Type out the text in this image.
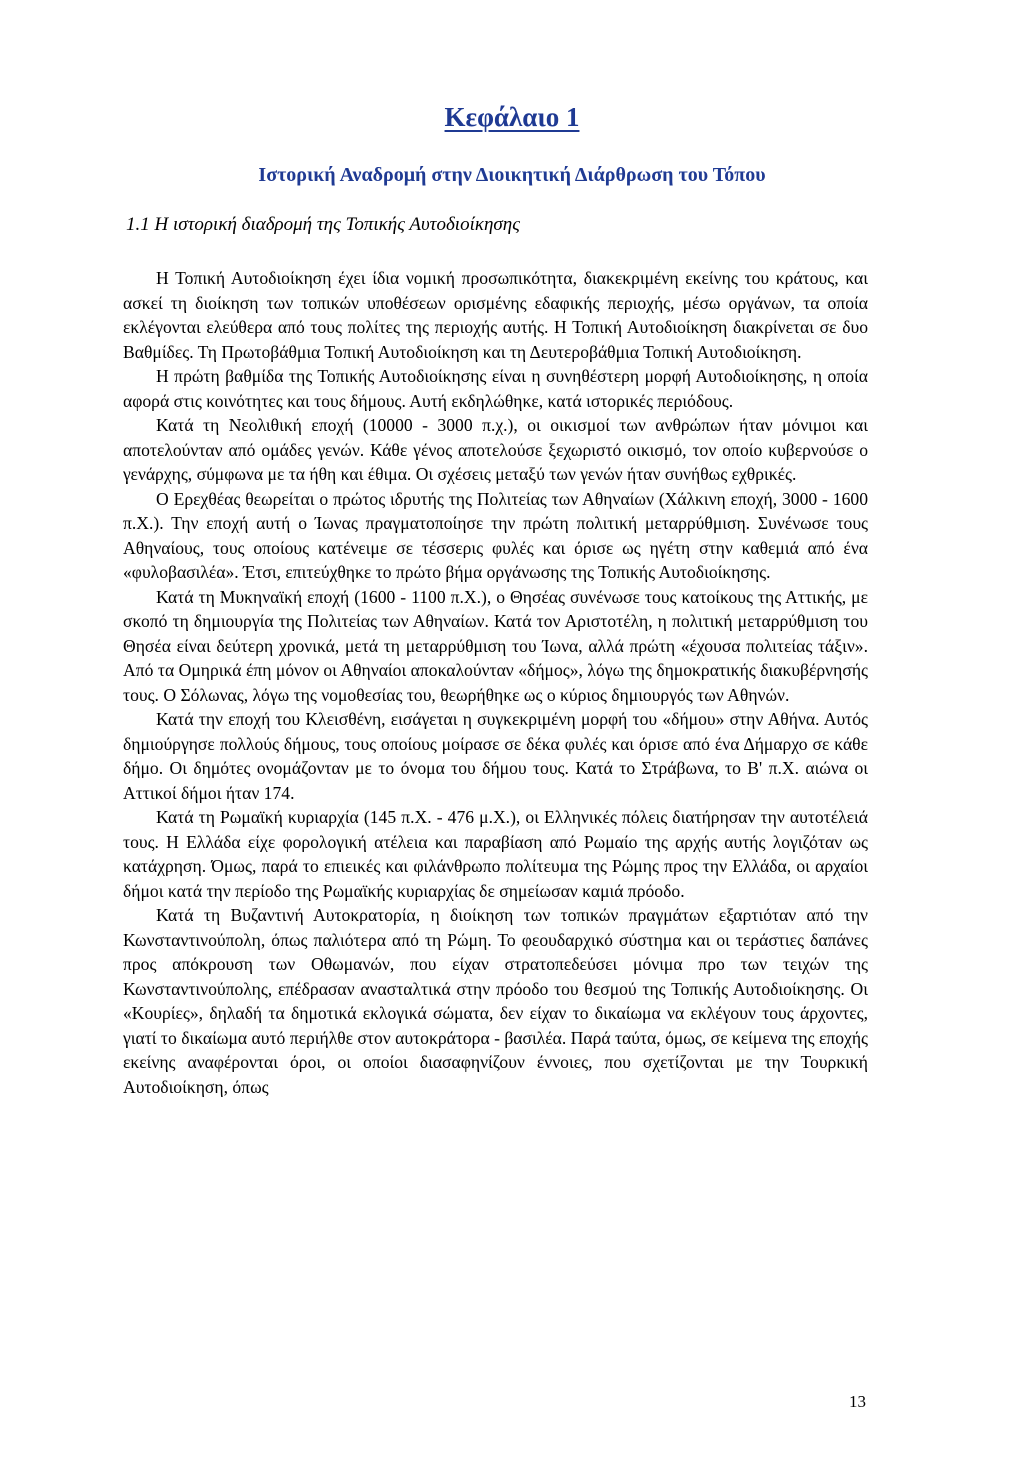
Κεφάλαιο 1
Ιστορική Αναδρομή στην Διοικητική Διάρθρωση του Τόπου
1.1 Η ιστορική διαδρομή της Τοπικής Αυτοδιοίκησης

Η Τοπική Αυτοδιοίκηση έχει ίδια νομική προσωπικότητα, διακεκριμένη εκείνης του κράτους, και ασκεί τη διοίκηση των τοπικών υποθέσεων ορισμένης εδαφικής περιοχής, μέσω οργάνων, τα οποία εκλέγονται ελεύθερα από τους πολίτες της περιοχής αυτής. Η Τοπική Αυτοδιοίκηση διακρίνεται σε δυο Βαθμίδες. Τη Πρωτοβάθμια Τοπική Αυτοδιοίκηση και τη Δευτεροβάθμια Τοπική Αυτοδιοίκηση.

Η πρώτη βαθμίδα της Τοπικής Αυτοδιοίκησης είναι η συνηθέστερη μορφή Αυτοδιοίκησης, η οποία αφορά στις κοινότητες και τους δήμους. Αυτή εκδηλώθηκε, κατά ιστορικές περιόδους.

Κατά τη Νεολιθική εποχή (10000 - 3000 π.χ.), οι οικισμοί των ανθρώπων ήταν μόνιμοι και αποτελούνταν από ομάδες γενών. Κάθε γένος αποτελούσε ξεχωριστό οικισμό, τον οποίο κυβερνούσε ο γενάρχης, σύμφωνα με τα ήθη και έθιμα. Οι σχέσεις μεταξύ των γενών ήταν συνήθως εχθρικές.

Ο Ερεχθέας θεωρείται ο πρώτος ιδρυτής της Πολιτείας των Αθηναίων (Χάλκινη εποχή, 3000 - 1600 π.Χ.). Την εποχή αυτή ο Ίωνας πραγματοποίησε την πρώτη πολιτική μεταρρύθμιση. Συνένωσε τους Αθηναίους, τους οποίους κατένειμε σε τέσσερις φυλές και όρισε ως ηγέτη στην καθεμιά από ένα «φυλοβασιλέα». Έτσι, επιτεύχθηκε το πρώτο βήμα οργάνωσης της Τοπικής Αυτοδιοίκησης.

Κατά τη Μυκηναϊκή εποχή (1600 - 1100 π.Χ.), ο Θησέας συνένωσε τους κατοίκους της Αττικής, με σκοπό τη δημιουργία της Πολιτείας των Αθηναίων. Κατά τον Αριστοτέλη, η πολιτική μεταρρύθμιση του Θησέα είναι δεύτερη χρονικά, μετά τη μεταρρύθμιση του Ίωνα, αλλά πρώτη «έχουσα πολιτείας τάξιν». Από τα Ομηρικά έπη μόνον οι Αθηναίοι αποκαλούνταν «δήμος», λόγω της δημοκρατικής διακυβέρνησής τους. Ο Σόλωνας, λόγω της νομοθεσίας του, θεωρήθηκε ως ο κύριος δημιουργός των Αθηνών.

Κατά την εποχή του Κλεισθένη, εισάγεται η συγκεκριμένη μορφή του «δήμου» στην Αθήνα. Αυτός δημιούργησε πολλούς δήμους, τους οποίους μοίρασε σε δέκα φυλές και όρισε από ένα Δήμαρχο σε κάθε δήμο. Οι δημότες ονομάζονταν με το όνομα του δήμου τους. Κατά το Στράβωνα, το Β' π.Χ. αιώνα οι Αττικοί δήμοι ήταν 174.

Κατά τη Ρωμαϊκή κυριαρχία (145 π.Χ. - 476 μ.Χ.), οι Ελληνικές πόλεις διατήρησαν την αυτοτέλειά τους. Η Ελλάδα είχε φορολογική ατέλεια και παραβίαση από Ρωμαίο της αρχής αυτής λογιζόταν ως κατάχρηση. Όμως, παρά το επιεικές και φιλάνθρωπο πολίτευμα της Ρώμης προς την Ελλάδα, οι αρχαίοι δήμοι κατά την περίοδο της Ρωμαϊκής κυριαρχίας δε σημείωσαν καμιά πρόοδο.

Κατά τη Βυζαντινή Αυτοκρατορία, η διοίκηση των τοπικών πραγμάτων εξαρτιόταν από την Κωνσταντινούπολη, όπως παλιότερα από τη Ρώμη. Το φεουδαρχικό σύστημα και οι τεράστιες δαπάνες προς απόκρουση των Οθωμανών, που είχαν στρατοπεδεύσει μόνιμα προ των τειχών της Κωνσταντινούπολης, επέδρασαν ανασταλτικά στην πρόοδο του θεσμού της Τοπικής Αυτοδιοίκησης. Οι «Κουρίες», δηλαδή τα δημοτικά εκλογικά σώματα, δεν είχαν το δικαίωμα να εκλέγουν τους άρχοντες, γιατί το δικαίωμα αυτό περιήλθε στον αυτοκράτορα - βασιλέα. Παρά ταύτα, όμως, σε κείμενα της εποχής εκείνης αναφέρονται όροι, οι οποίοι διασαφηνίζουν έννοιες, που σχετίζονται με την Τουρκική Αυτοδιοίκηση, όπως

13
